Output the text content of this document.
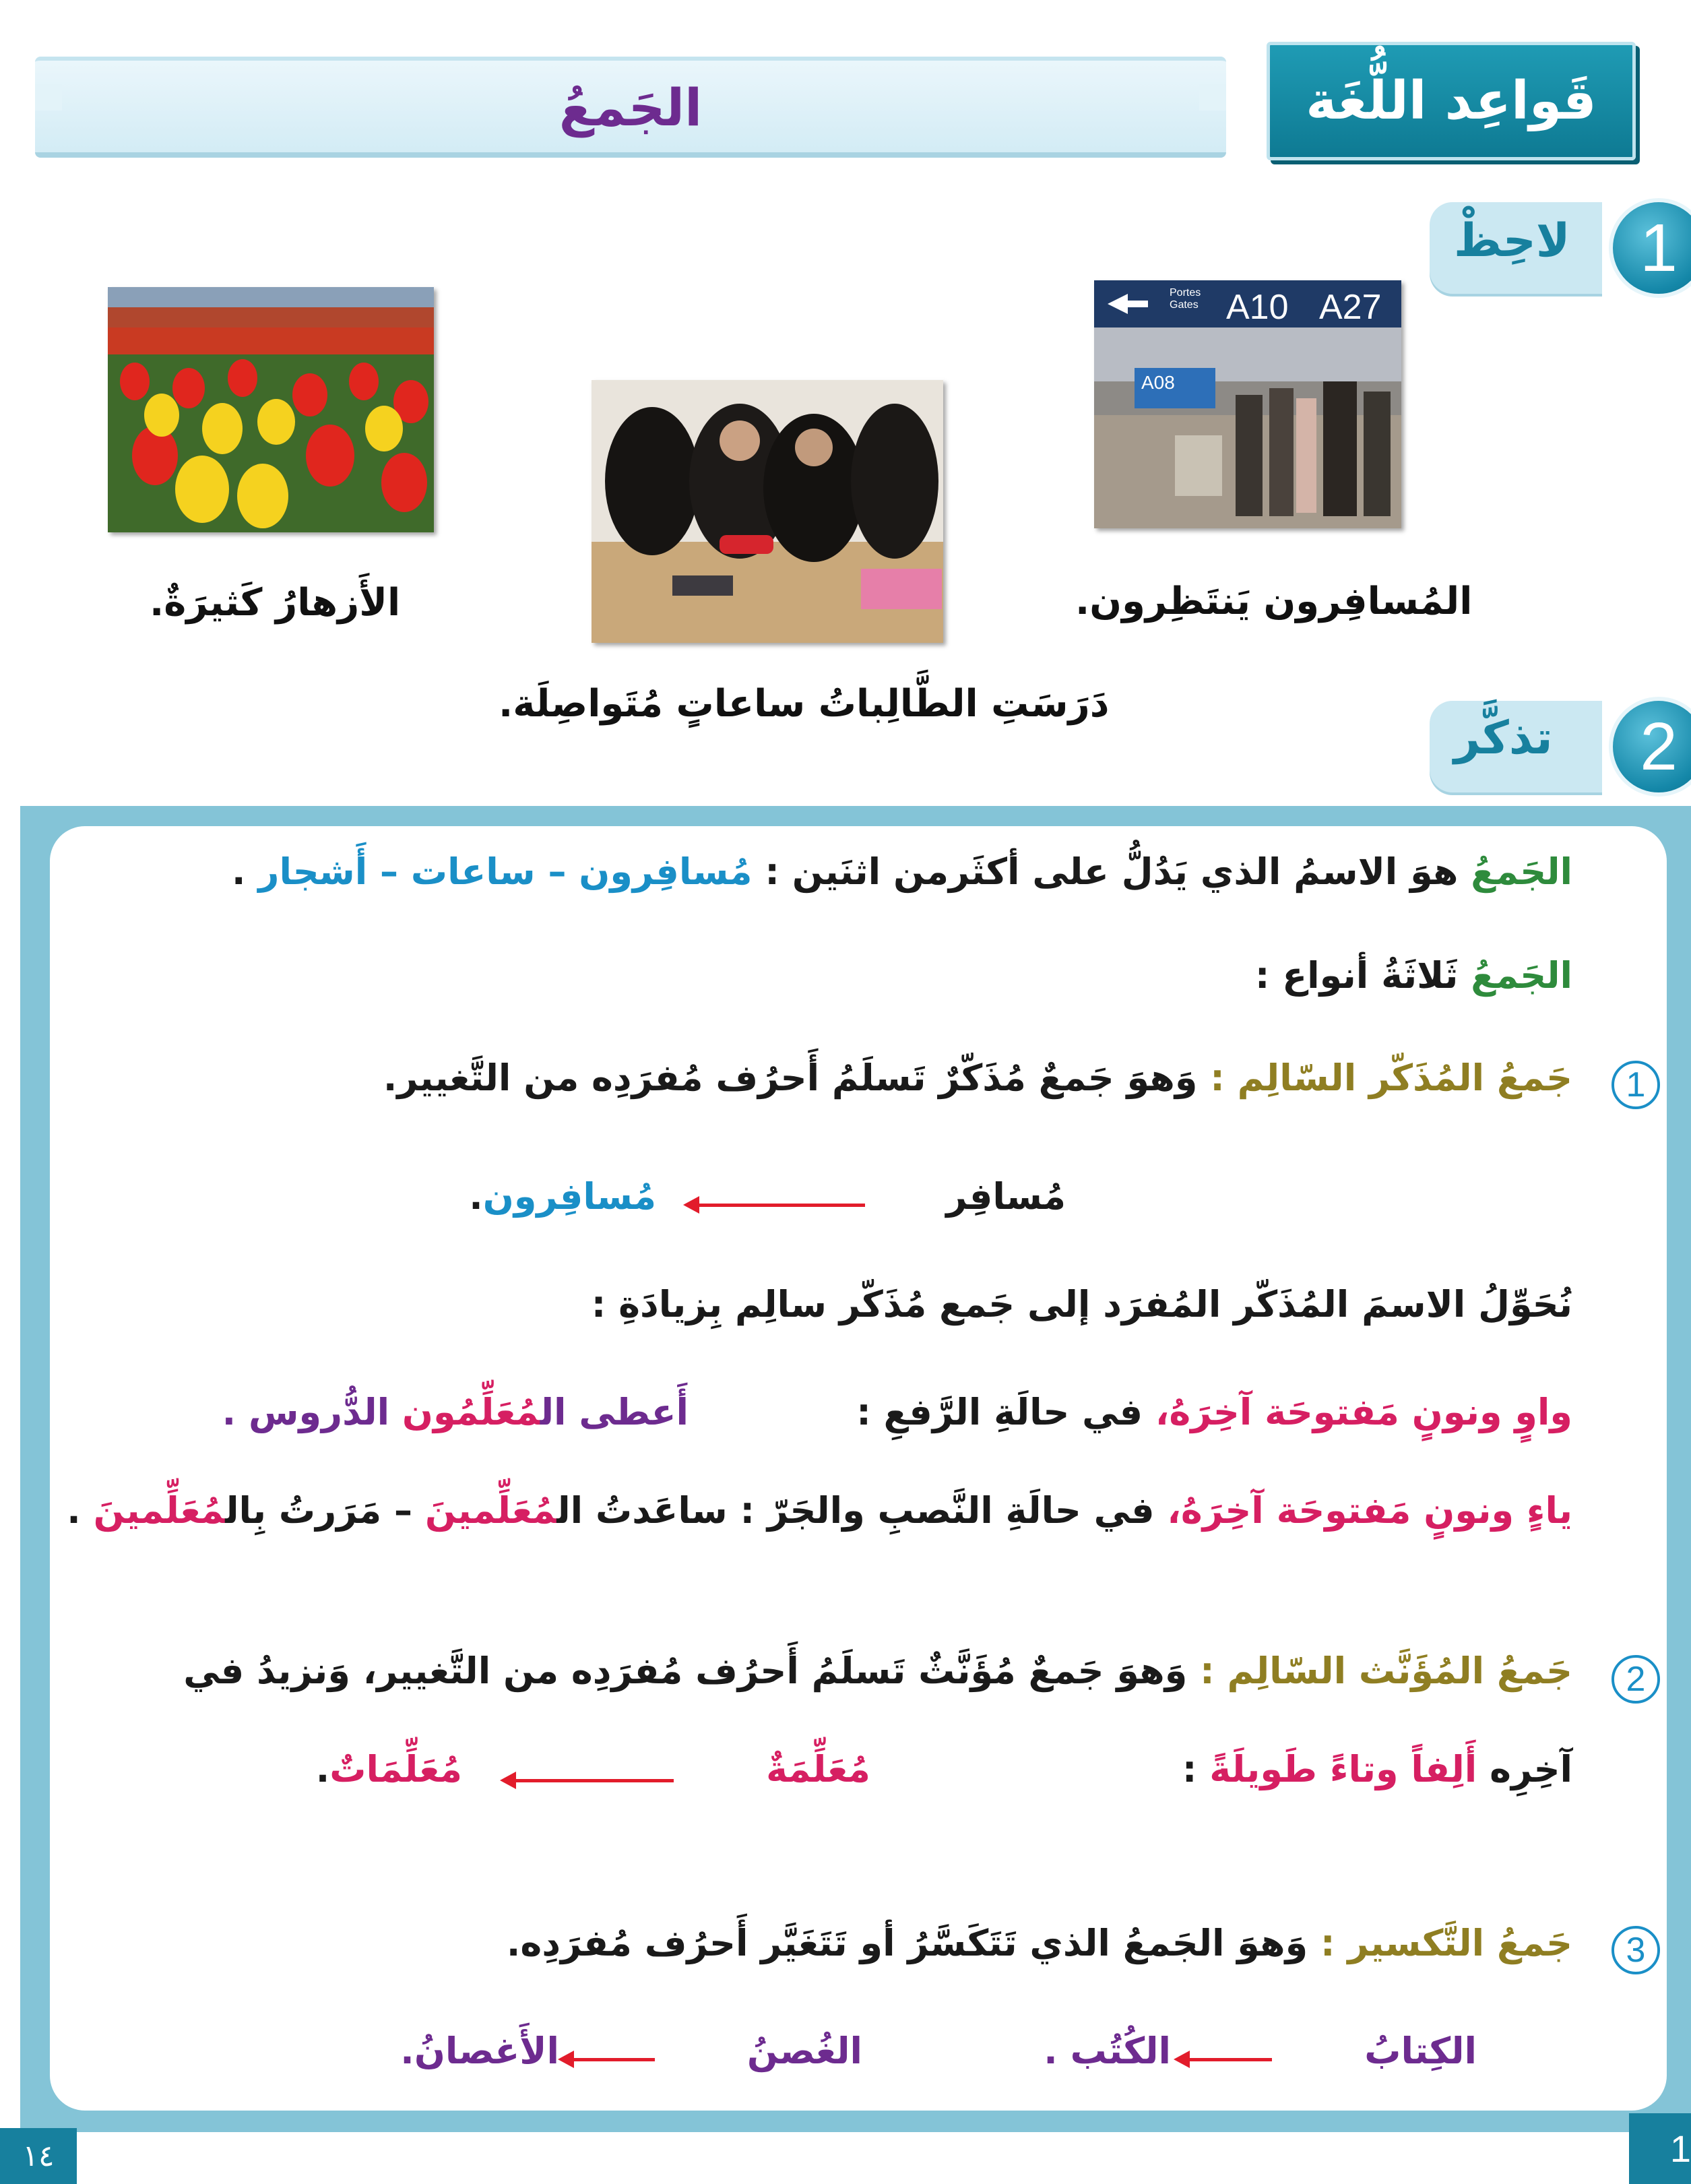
الجَمعُ	قَواعِد اللُّغَة
لاحِظْ	1
A10 A27
Portes Gates
A08
المُسافِرون يَنتَظِرون.
دَرَسَتِ الطَّالِباتُ ساعاتٍ مُتَواصِلَة.
الأَزهارُ كَثيرَةٌ.
تذكَّر	2
الجَمعُ هوَ الاسمُ الذي يَدُلُّ على أكثَرمن اثنَين : مُسافِرون – ساعات – أَشجار .
الجَمعُ ثَلاثَةُ أنواع :
1
جَمعُ المُذَكّر السّالِم : وَهوَ جَمعٌ مُذَكّرٌ تَسلَمُ أَحرُف مُفرَدِه من التَّغيير.
مُسافِر
مُسافِرون.
نُحَوِّلُ الاسمَ المُذَكّر المُفرَد إلى جَمع مُذَكّر سالِم بِزيادَةِ :
واوٍ ونونٍ مَفتوحَة آخِرَهُ، في حالَةِ الرَّفعِ :
أَعطى المُعَلِّمُون الدُّروس .
ياءٍ ونونٍ مَفتوحَة آخِرَهُ، في حالَةِ النَّصبِ والجَرّ : ساعَدتُ المُعَلِّمينَ – مَرَرتُ بِالمُعَلِّمينَ .
2
جَمعُ المُؤَنَّث السّالِم : وَهوَ جَمعٌ مُؤَنَّثٌ تَسلَمُ أَحرُف مُفرَدِه من التَّغيير، وَنزيدُ في
آخِرِه أَلِفاً وتاءً طَويلَةً :
مُعَلِّمَةٌ
مُعَلِّمَاتٌ.
3
جَمعُ التَّكسير : وَهوَ الجَمعُ الذي تَتَكَسَّرُ أو تَتَغَيَّر أَحرُف مُفرَدِه.
الكِتابُ
الكُتُب .
الغُصنُ
الأَغصانُ.
١٤	1
